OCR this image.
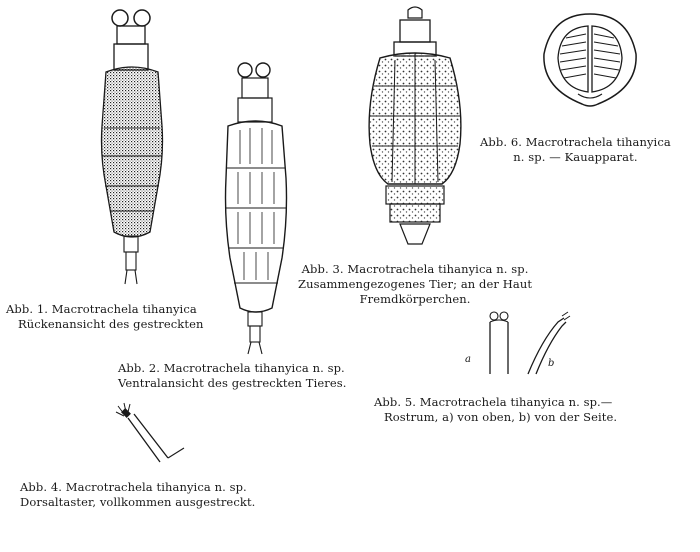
a	b

Abb. 1. Macrotrachela tihanyica
Rückenansicht des gestreckten

Abb. 2. Macrotrachela tihanyica n. sp.
Ventralansicht des gestreckten Tieres.

Abb. 3. Macrotrachela tihanyica n. sp.
Zusammengezogenes Tier; an der Haut
Fremdkörperchen.

Abb. 6. Macrotrachela tihanyica
n. sp. — Kauapparat.

Abb. 5. Macrotrachela tihanyica n. sp.—
Rostrum, a) von oben, b) von der Seite.

Abb. 4. Macrotrachela tihanyica n. sp.
Dorsaltaster, vollkommen ausgestreckt.
